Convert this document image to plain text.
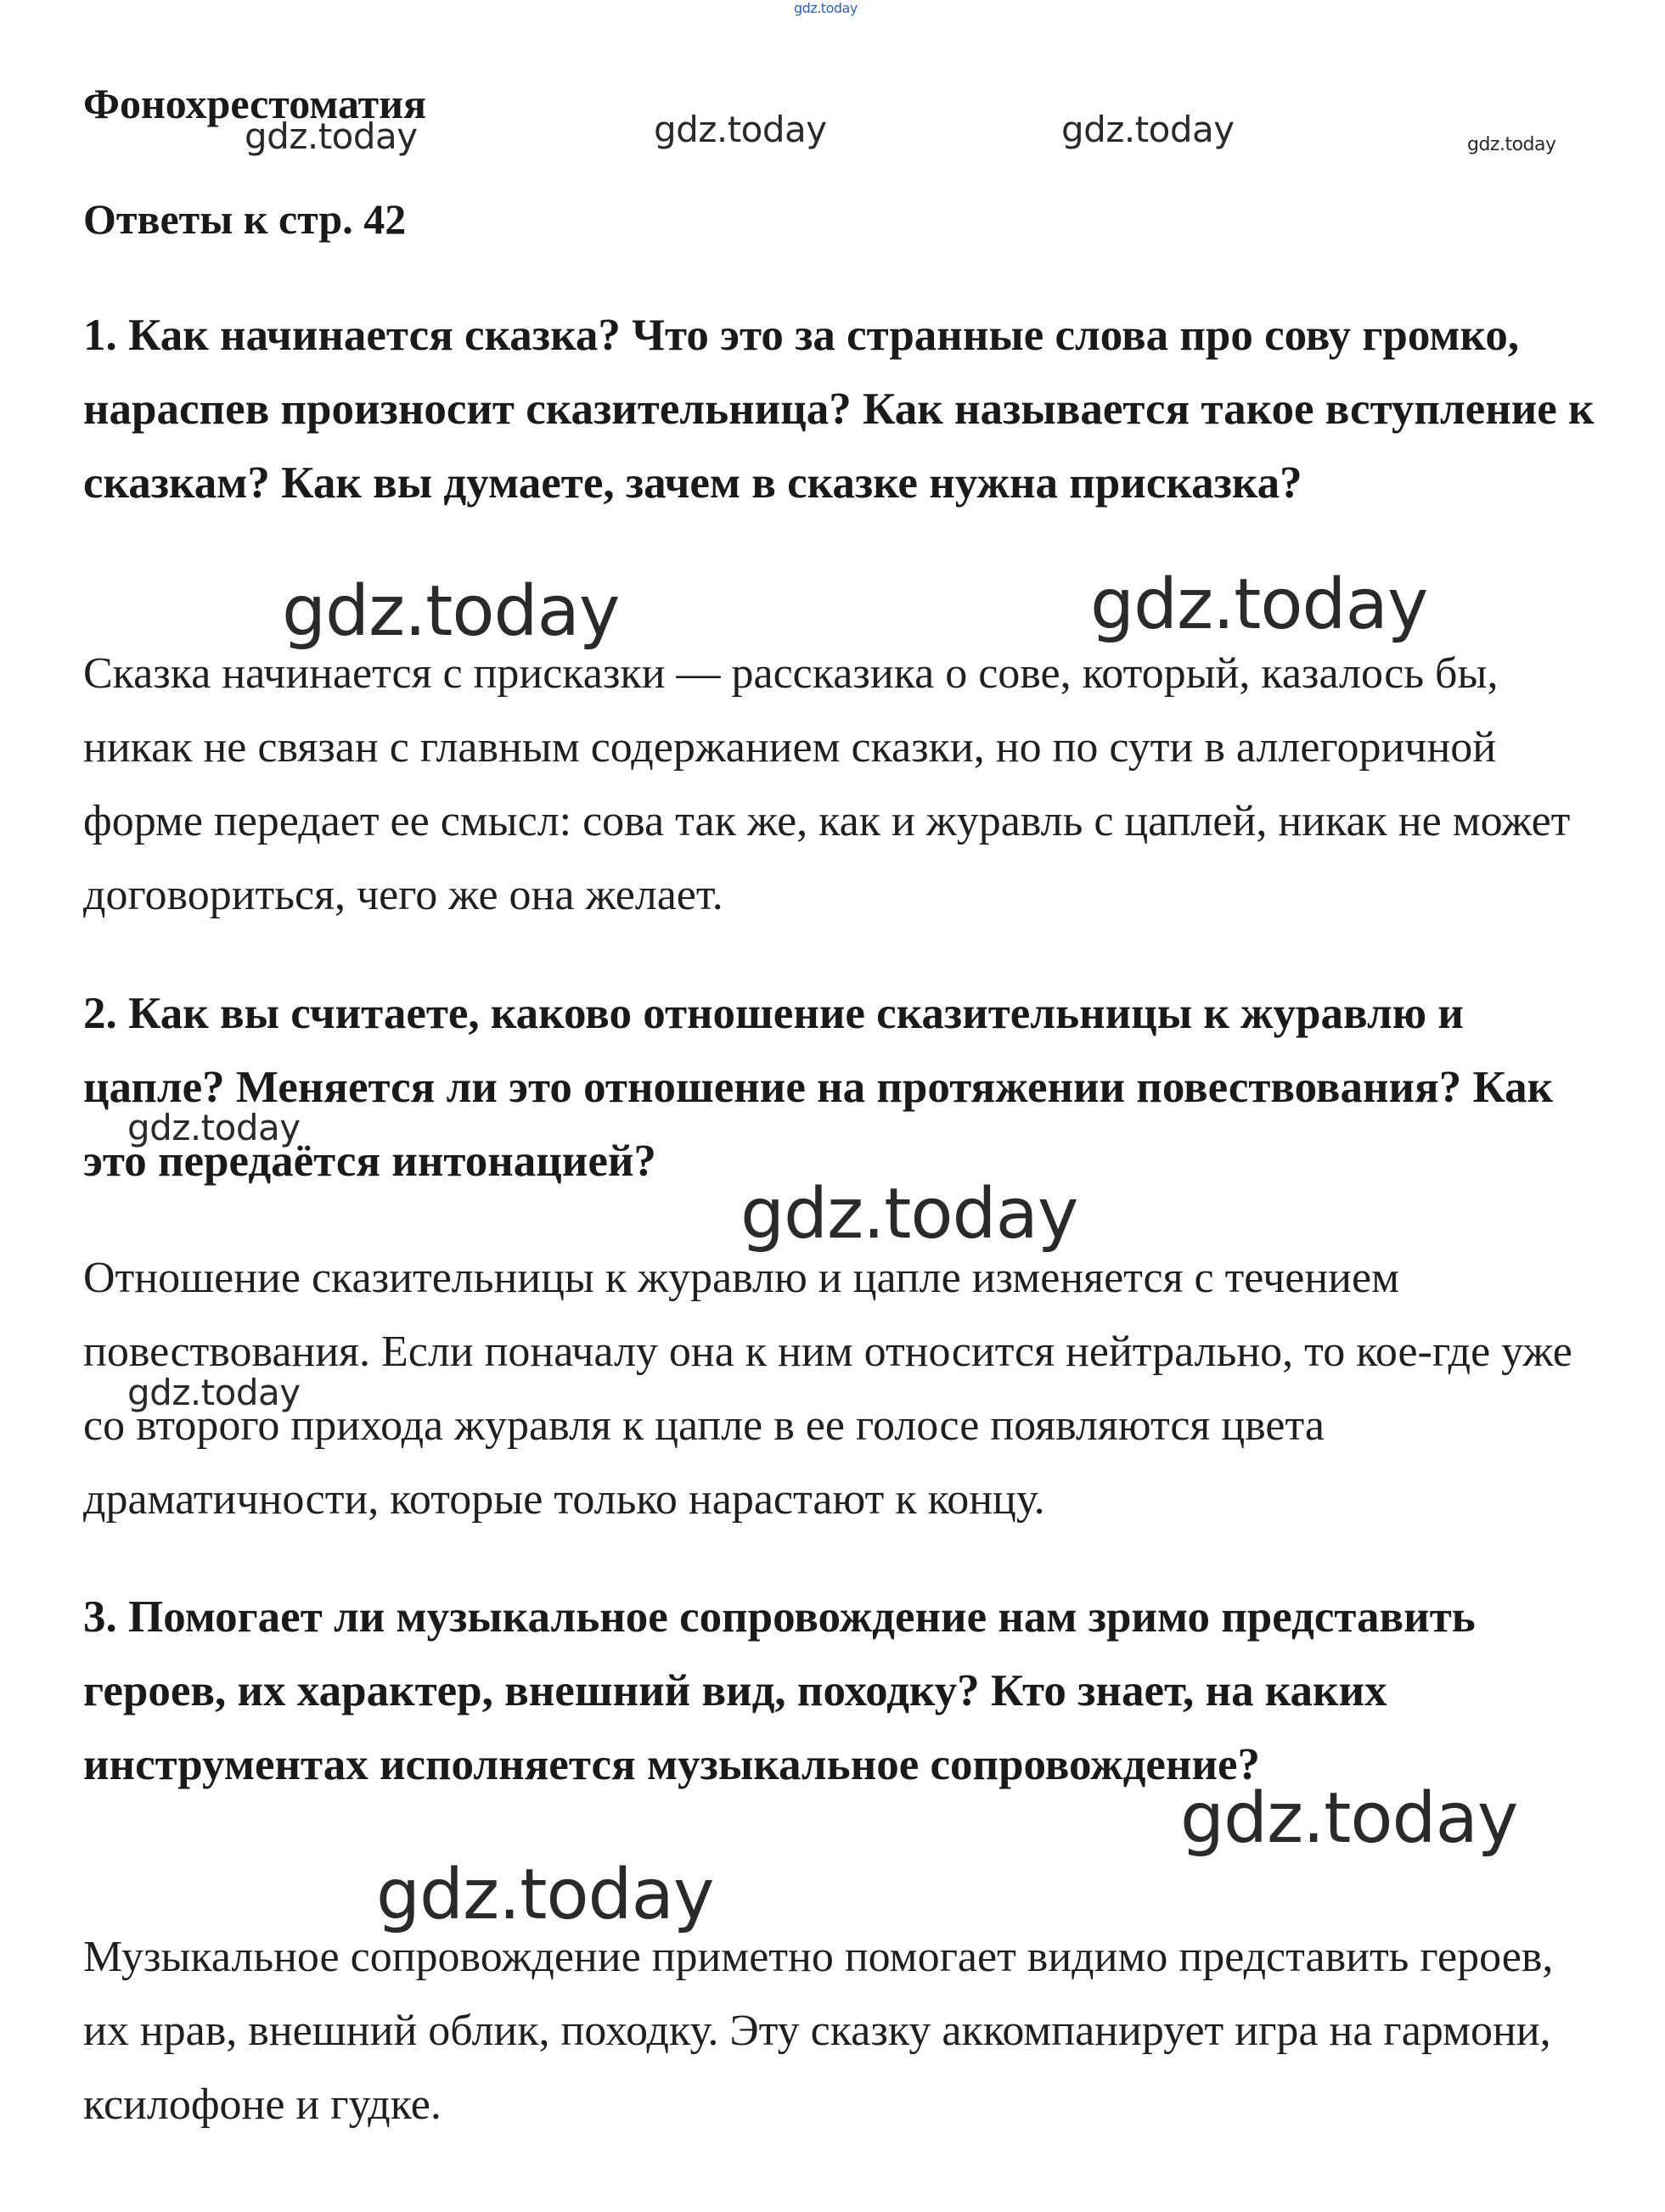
Фонохрестоматия
Ответы к стр. 42

1. Как начинается сказка? Что это за странные слова про сову громко, нараспев произносит сказительница? Как называется такое вступление к сказкам? Как вы думаете, зачем в сказке нужна присказка?

Сказка начинается с присказки — рассказика о сове, который, казалось бы, никак не связан с главным содержанием сказки, но по сути в аллегоричной форме передает ее смысл: сова так же, как и журавль с цаплей, никак не может договориться, чего же она желает.

2. Как вы считаете, каково отношение сказительницы к журавлю и цапле? Меняется ли это отношение на протяжении повествования? Как это передаётся интонацией?

Отношение сказительницы к журавлю и цапле изменяется с течением повествования. Если поначалу она к ним относится нейтрально, то кое-где уже со второго прихода журавля к цапле в ее голосе появляются цвета драматичности, которые только нарастают к концу.

3. Помогает ли музыкальное сопровождение нам зримо представить героев, их характер, внешний вид, походку? Кто знает, на каких инструментах исполняется музыкальное сопровождение?

Музыкальное сопровождение приметно помогает видимо представить героев, их нрав, внешний облик, походку. Эту сказку аккомпанирует игра на гармони, ксилофоне и гудке.

gdz.today
gdz.today	gdz.today	gdz.today	gdz.today
gdz.today	gdz.today
gdz.today
gdz.today
gdz.today
gdz.today
gdz.today
